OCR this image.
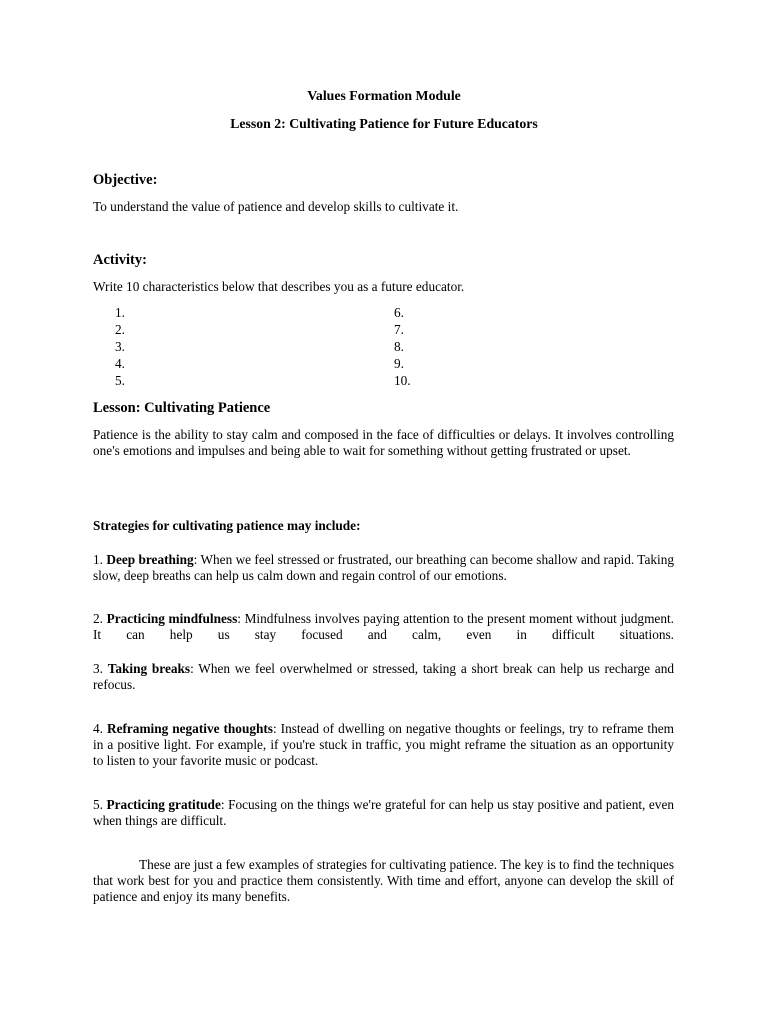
Values Formation Module
Lesson 2: Cultivating Patience for Future Educators
Objective:
To understand the value of patience and develop skills to cultivate it.
Activity:
Write 10 characteristics below that describes you as a future educator.
1.
2.
3.
4.
5.
6.
7.
8.
9.
10.
Lesson: Cultivating Patience
Patience is the ability to stay calm and composed in the face of difficulties or delays. It involves controlling one's emotions and impulses and being able to wait for something without getting frustrated or upset.
Strategies for cultivating patience may include:
1. Deep breathing: When we feel stressed or frustrated, our breathing can become shallow and rapid. Taking slow, deep breaths can help us calm down and regain control of our emotions.
2. Practicing mindfulness: Mindfulness involves paying attention to the present moment without judgment. It can help us stay focused and calm, even in difficult situations.
3. Taking breaks: When we feel overwhelmed or stressed, taking a short break can help us recharge and refocus.
4. Reframing negative thoughts: Instead of dwelling on negative thoughts or feelings, try to reframe them in a positive light. For example, if you're stuck in traffic, you might reframe the situation as an opportunity to listen to your favorite music or podcast.
5. Practicing gratitude: Focusing on the things we're grateful for can help us stay positive and patient, even when things are difficult.
These are just a few examples of strategies for cultivating patience. The key is to find the techniques that work best for you and practice them consistently. With time and effort, anyone can develop the skill of patience and enjoy its many benefits.
